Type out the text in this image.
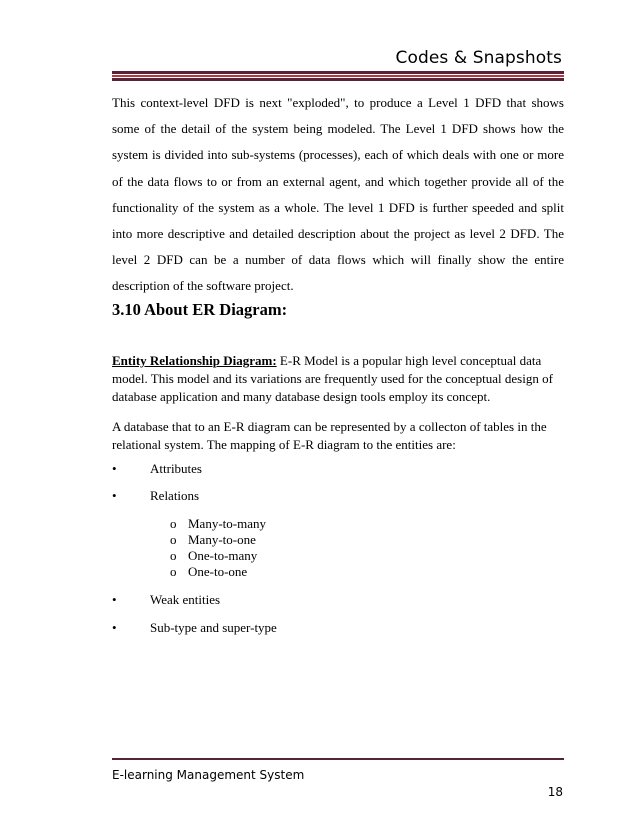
Codes & Snapshots
This context-level DFD is next "exploded", to produce a Level 1 DFD that shows some of the detail of the system being modeled. The Level 1 DFD shows how the system is divided into sub-systems (processes), each of which deals with one or more of the data flows to or from an external agent, and which together provide all of the functionality of the system as a whole. The level 1 DFD is further speeded and split into more descriptive and detailed description about the project as level 2 DFD. The level 2 DFD can be a number of data flows which will finally show the entire description of the software project.
3.10 About ER Diagram:
Entity Relationship Diagram: E-R Model is a popular high level conceptual data model. This model and its variations are frequently used for the conceptual design of database application and many database design tools employ its concept.
A database that to an E-R diagram can be represented by a collecton of tables in the relational system. The mapping of E-R diagram to the entities are:
•	Attributes
•	Relations
o Many-to-many
o Many-to-one
o One-to-many
o One-to-one
•	Weak entities
•	Sub-type and super-type
E-learning Management System
18
